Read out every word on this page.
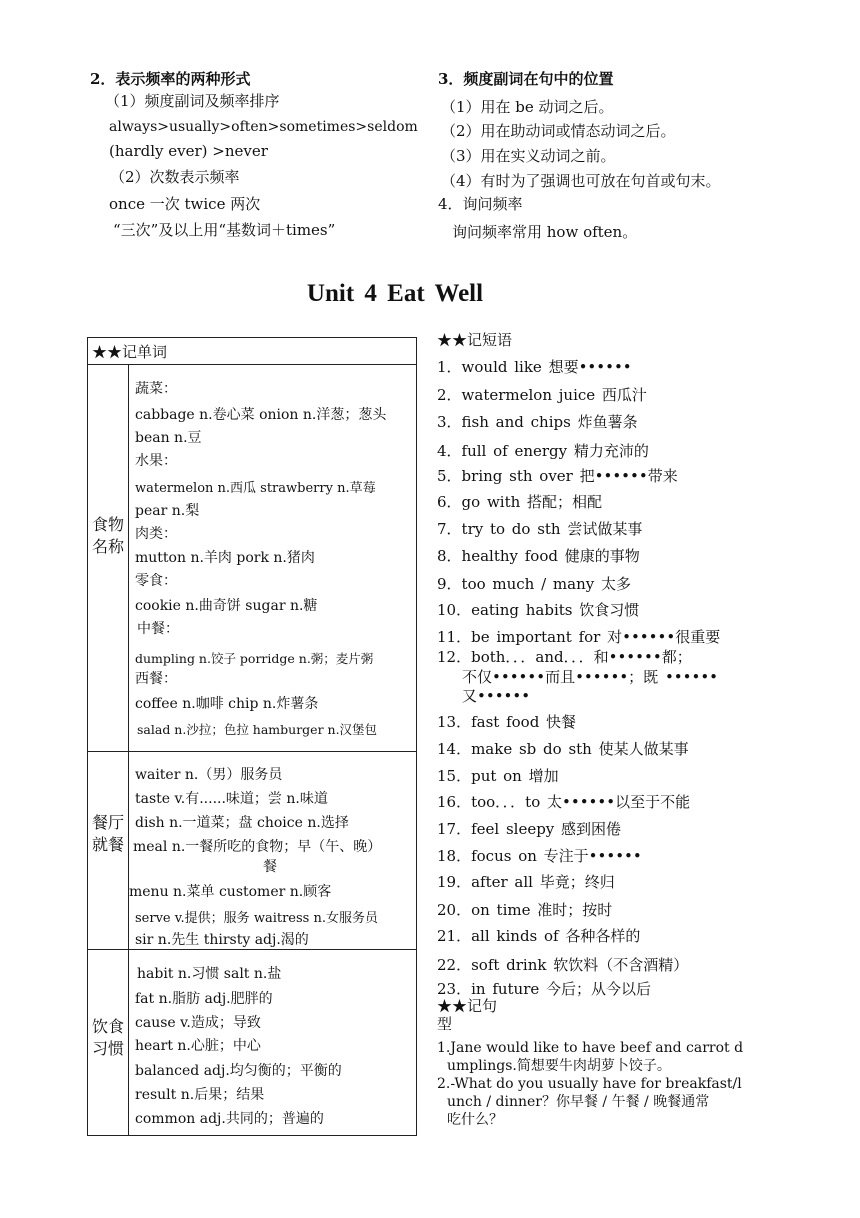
2．表示频率的两种形式
（1）频度副词及频率排序
always>usually>often>sometimes>seldom
(hardly ever) >never
（2）次数表示频率
once 一次 twice 两次
“三次”及以上用“基数词＋times”
3．频度副词在句中的位置
（1）用在 be 动词之后。
（2）用在助动词或情态动词之后。
（3）用在实义动词之前。
（4）有时为了强调也可放在句首或句末。
4．询问频率
询问频率常用 how often。
Unit 4 Eat Well
★★记单词
食物名称
蔬菜：
cabbage n.卷心菜 onion n.洋葱；葱头
bean n.豆
水果：
watermelon n.西瓜 strawberry n.草莓
pear n.梨
肉类：
mutton n.羊肉 pork n.猪肉
零食：
cookie n.曲奇饼 sugar n.糖
中餐：
dumpling n.饺子 porridge n.粥；麦片粥
西餐：
coffee n.咖啡 chip n.炸薯条
salad n.沙拉；色拉 hamburger n.汉堡包
餐厅就餐
waiter n.（男）服务员
taste v.有......味道；尝 n.味道
dish n.一道菜；盘 choice n.选择
meal n.一餐所吃的食物；早（午、晚）
餐
menu n.菜单 customer n.顾客
serve v.提供；服务 waitress n.女服务员
sir n.先生 thirsty adj.渴的
饮食习惯
habit n.习惯 salt n.盐
fat n.脂肪 adj.肥胖的
cause v.造成；导致
heart n.心脏；中心
balanced adj.均匀衡的；平衡的
result n.后果；结果
common adj.共同的；普遍的
★★记短语
1．would like 想要••••••
2．watermelon juice 西瓜汁
3．fish and chips 炸鱼薯条
4．full of energy 精力充沛的
5．bring sth over 把••••••带来
6．go with 搭配；相配
7．try to do sth 尝试做某事
8．healthy food 健康的事物
9．too much / many 太多
10．eating habits 饮食习惯
11．be important for 对••••••很重要
12．both．．．and．．．和••••••都；
不仅••••••而且••••••；既 ••••••
又••••••
13．fast food 快餐
14．make sb do sth 使某人做某事
15．put on 增加
16．too．．．to 太••••••以至于不能
17．feel sleepy 感到困倦
18．focus on 专注于••••••
19．after all 毕竟；终归
20．on time 准时；按时
21．all kinds of 各种各样的
22．soft drink 软饮料（不含酒精）
23．in future 今后；从今以后
★★记句
型
1.Jane would like to have beef and carrot d
umplings.简想要牛肉胡萝卜饺子。
2.-What do you usually have for breakfast/l
unch / dinner？你早餐 / 午餐 / 晚餐通常
吃什么？
